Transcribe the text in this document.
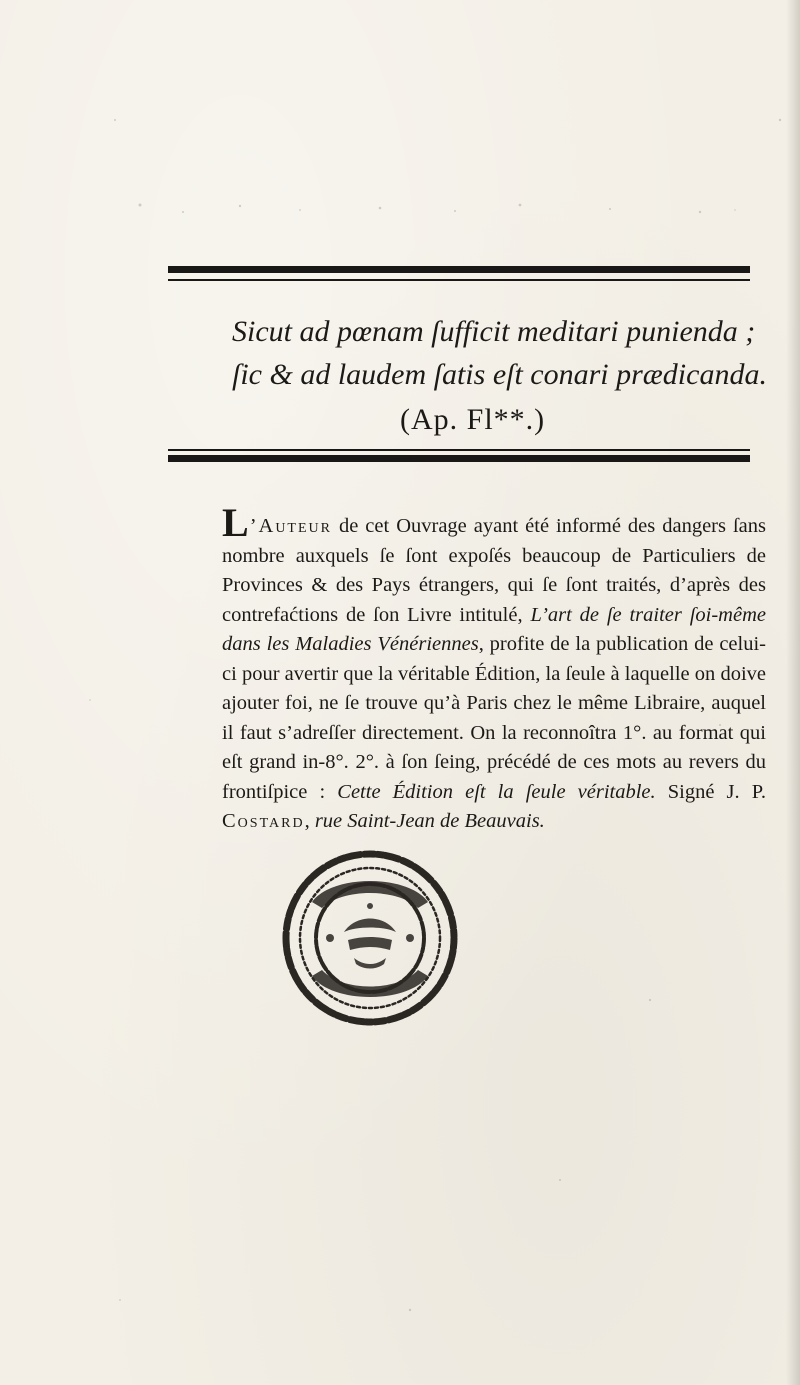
Sicut ad pœnam ſufficit meditari punienda ;
ſic & ad laudem ſatis eſt conari prædicanda.
(Ap. Fl**.)
L’Auteur de cet Ouvrage ayant été informé des dangers ſans nombre auxquels ſe ſont expoſés beaucoup de Particuliers de Provinces & des Pays étrangers, qui ſe ſont traités, d’après des contrefaćtions de ſon Livre intitulé, L’art de ſe traiter ſoi-même dans les Maladies Vénériennes, profite de la publication de celui-ci pour avertir que la véritable Édition, la ſeule à laquelle on doive ajouter foi, ne ſe trouve qu’à Paris chez le même Libraire, auquel il faut s’adreſſer directement. On la reconnoîtra 1°. au format qui eſt grand in-8°. 2°. à ſon ſeing, précédé de ces mots au revers du frontiſpice : Cette Édition eſt la ſeule véritable. Signé J. P. Costard, rue Saint-Jean de Beauvais.
